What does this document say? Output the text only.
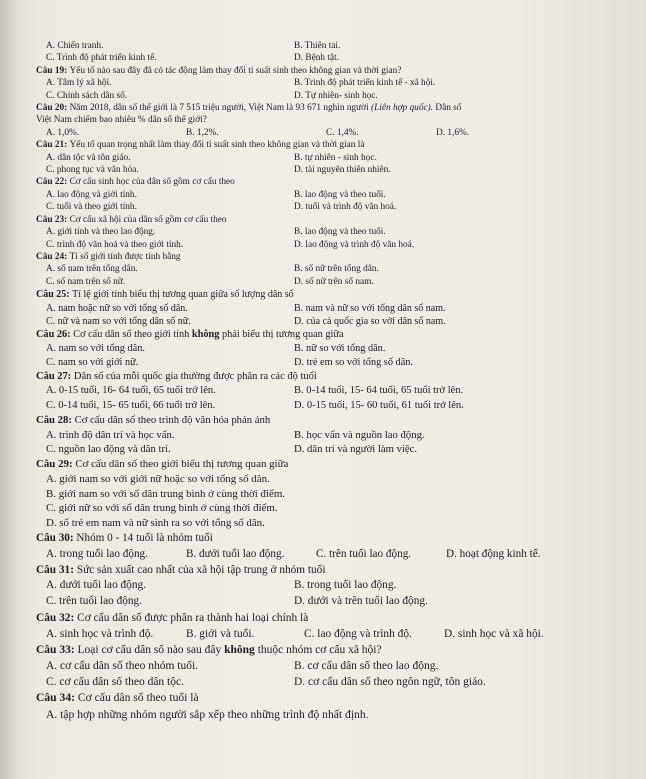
A. Chiến tranh.	B. Thiên tai.
C. Trình độ phát triển kinh tế.	D. Bệnh tật.
Câu 19:
Yếu tố nào sau đây đã có tác động làm thay đổi tỉ suất sinh theo không gian và thời gian?
A. Tâm lý xã hội.	B. Trình độ phát triển kinh tế - xã hội.
C. Chính sách dân số.	D. Tự nhiên- sinh học.
Câu 20:
Năm 2018, dân số thế giới là 7 515 triệu người, Việt Nam là 93 671 nghìn người
(Liên hợp quốc).
Dân số
Việt Nam chiếm bao nhiêu % dân số thế giới?
A. 1,0%.	B. 1,2%.	C. 1,4%.	D. 1,6%.
Câu 21:
Yếu tố quan trọng nhất làm thay đổi tỉ suất sinh theo không gian và thời gian là
A. dân tộc và tôn giáo.	B. tự nhiên - sinh học.
C. phong tục và văn hóa.	D. tài nguyên thiên nhiên.
Câu 22:
Cơ cấu sinh học của dân số gồm cơ cấu theo
A. lao động và giới tính.	B. lao động và theo tuổi.
C. tuổi và theo giới tính.	D. tuổi và trình độ văn hoá.
Câu 23:
Cơ cấu xã hội của dân số gồm cơ cấu theo
A. giới tính và theo lao động.	B. lao động và theo tuổi.
C. trình độ văn hoá và theo giới tính.	D. lao động và trình độ văn hoá.
Câu 24:
Tỉ số giới tính được tính bằng
A. số nam trên tổng dân.	B. số nữ trên tổng dân.
C. số nam trên số nữ.	D. số nữ trên số nam.
Câu 25:
Tỉ lệ giới tính biểu thị tương quan giữa số lượng dân số
A. nam hoặc nữ so với tổng số dân.	B. nam và nữ so với tổng dân số nam.
C. nữ và nam so với tổng dân số nữ.	D. của cả quốc gia so với dân số nam.
Câu 26:
Cơ cấu dân số theo giới tính
không
phải biểu thị tương quan giữa
A. nam so với tổng dân.	B. nữ so với tổng dân.
C. nam so với giới nữ.	D. trẻ em so với tổng số dân.
Câu 27:
Dân số của mỗi quốc gia thường được phân ra các độ tuổi
A. 0-15 tuổi, 16- 64 tuổi, 65 tuổi trở lên.	B. 0-14 tuổi, 15- 64 tuổi, 65 tuổi trở lên.
C. 0-14 tuổi, 15- 65 tuổi, 66 tuổi trở lên.	D. 0-15 tuổi, 15- 60 tuổi, 61 tuổi trở lên.
Câu 28:
Cơ cấu dân số theo trình độ văn hóa phản ánh
A. trình độ dân trí và học vấn.	B. học vấn và nguồn lao động.
C. nguồn lao động và dân trí.	D. dân trí và người làm việc.
Câu 29:
Cơ cấu dân số theo giới biểu thị tương quan giữa
A. giới nam so với giới nữ hoặc so với tổng số dân.
B. giới nam so với số dân trung bình ở cùng thời điểm.
C. giới nữ so với số dân trung bình ở cùng thời điểm.
D. số trẻ em nam và nữ sinh ra so với tổng số dân.
Câu 30:
Nhóm 0 - 14 tuổi là nhóm tuổi
A. trong tuổi lao động.	B. dưới tuổi lao động.	C. trên tuổi lao động.	D. hoạt động kinh tế.
Câu 31:
Sức sản xuất cao nhất của xã hội tập trung ở nhóm tuổi
A. dưới tuổi lao động.	B. trong tuổi lao động.
C. trên tuổi lao động.	D. dưới và trên tuổi lao động.
Câu 32:
Cơ cấu dân số được phân ra thành hai loại chính là
A. sinh học và trình độ.	B. giới và tuổi.	C. lao động và trình độ.	D. sinh học và xã hội.
Câu 33:
Loại cơ cấu dân số nào sau đây
không
thuộc nhóm cơ cấu xã hội?
A. cơ cấu dân số theo nhóm tuổi.	B. cơ cấu dân số theo lao động.
C. cơ cấu dân số theo dân tộc.	D. cơ cấu dân số theo ngôn ngữ, tôn giáo.
Câu 34:
Cơ cấu dân số theo tuổi là
A. tập hợp những nhóm người sắp xếp theo những trình độ nhất định.
